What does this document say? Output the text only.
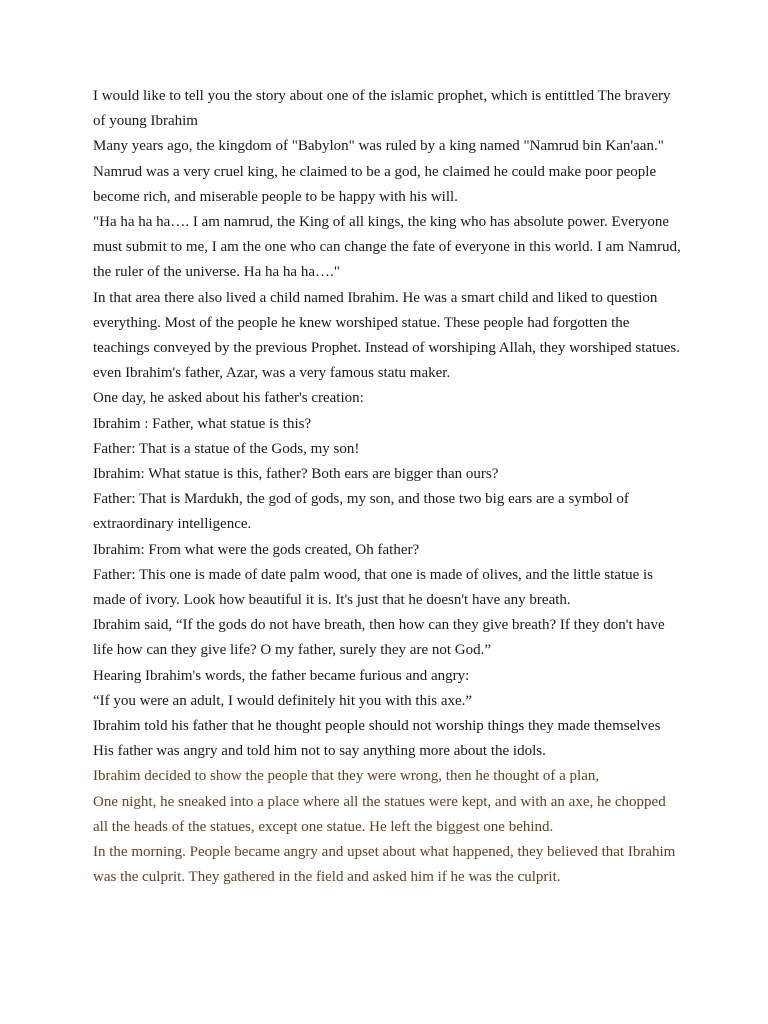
I would like to tell you the story about one of the islamic prophet, which is entittled The bravery of young Ibrahim

Many years ago, the kingdom of "Babylon" was ruled by a king named "Namrud bin Kan'aan."

Namrud was a very cruel king, he claimed to be a god, he claimed he could make poor people become rich, and miserable people to be happy with his will.

"Ha ha ha ha…. I am namrud, the King of all kings, the king who has absolute power. Everyone must submit to me, I am the one who can change the fate of everyone in this world. I am Namrud, the ruler of the universe. Ha ha ha ha…."

In that area there also lived a child named Ibrahim. He was a smart child and liked to question everything. Most of the people he knew worshiped statue. These people had forgotten the teachings conveyed by the previous Prophet. Instead of worshiping Allah, they worshiped statues. even Ibrahim's father, Azar, was a very famous statu maker.

One day, he asked about his father's creation:

Ibrahim : Father, what statue is this?

Father: That is a statue of the Gods, my son!

Ibrahim: What statue is this, father? Both ears are bigger than ours?

Father: That is Mardukh, the god of gods, my son, and those two big ears are a symbol of extraordinary intelligence.

Ibrahim: From what were the gods created, Oh father?

Father: This one is made of date palm wood, that one is made of olives, and the little statue is made of ivory. Look how beautiful it is. It's just that he doesn't have any breath.

Ibrahim said, “If the gods do not have breath, then how can they give breath? If they don't have life how can they give life? O my father, surely they are not God.”

Hearing Ibrahim's words, the father became furious and angry:

“If you were an adult, I would definitely hit you with this axe.”

Ibrahim told his father that he thought people should not worship things they made themselves

His father was angry and told him not to say anything more about the idols.

Ibrahim decided to show the people that they were wrong, then he thought of a plan,

One night, he sneaked into a place where all the statues were kept, and with an axe, he chopped all the heads of the statues, except one statue. He left the biggest one behind.

In the morning. People became angry and upset about what happened, they believed that Ibrahim was the culprit. They gathered in the field and asked him if he was the culprit.
